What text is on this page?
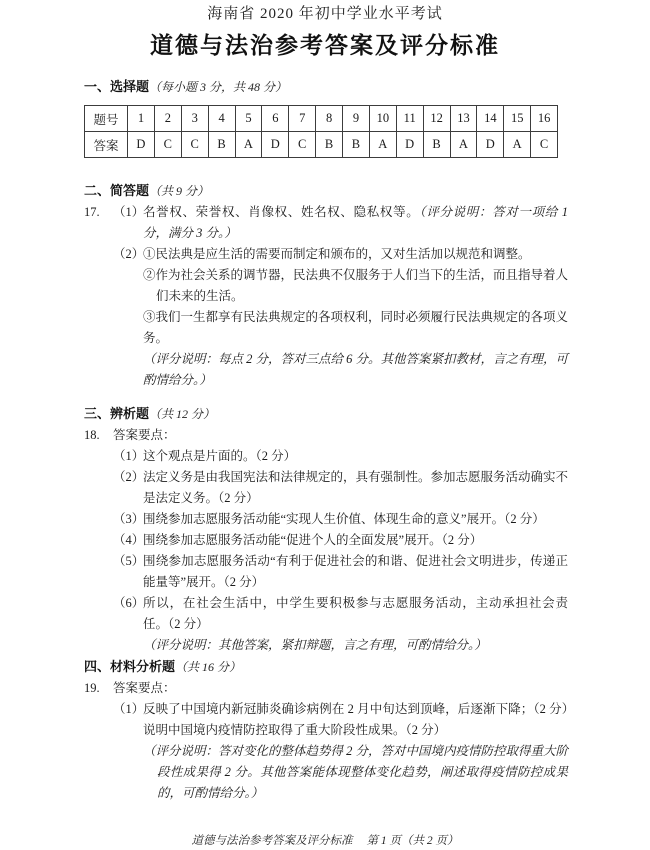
海南省 2020 年初中学业水平考试
道德与法治参考答案及评分标准
一、选择题（每小题 3 分，共 48 分）
题号	1	2	3	4	5	6	7	8	9	10	11	12	13	14	15	16
答案	D	C	C	B	A	D	C	B	B	A	D	B	A	D	A	C
二、简答题（共 9 分）
17.	（1）
名誉权、荣誉权、肖像权、姓名权、隐私权等。（评分说明：答对一项给 1 分，满分 3 分。）
（2）
①民法典是应生活的需要而制定和颁布的，又对生活加以规范和调整。
②作为社会关系的调节器，民法典不仅服务于人们当下的生活，而且指导着人们未来的生活。
③我们一生都享有民法典规定的各项权利，同时必须履行民法典规定的各项义务。
（评分说明：每点 2 分，答对三点给 6 分。其他答案紧扣教材，言之有理，可酌情给分。）
三、辨析题（共 12 分）
18.	答案要点：
（1）
这个观点是片面的。（2 分）
（2）
法定义务是由我国宪法和法律规定的，具有强制性。参加志愿服务活动确实不是法定义务。（2 分）
（3）
围绕参加志愿服务活动能“实现人生价值、体现生命的意义”展开。（2 分）
（4）
围绕参加志愿服务活动能“促进个人的全面发展”展开。（2 分）
（5）
围绕参加志愿服务活动“有利于促进社会的和谐、促进社会文明进步，传递正能量等”展开。（2 分）
（6）
所以，在社会生活中，中学生要积极参与志愿服务活动，主动承担社会责任。（2 分）
（评分说明：其他答案，紧扣辩题，言之有理，可酌情给分。）
四、材料分析题（共 16 分）
19.	答案要点：
（1）
反映了中国境内新冠肺炎确诊病例在 2 月中旬达到顶峰，后逐渐下降；（2 分）说明中国境内疫情防控取得了重大阶段性成果。（2 分）
（评分说明：答对变化的整体趋势得 2 分，答对中国境内疫情防控取得重大阶段性成果得 2 分。其他答案能体现整体变化趋势，阐述取得疫情防控成果的，可酌情给分。）
道德与法治参考答案及评分标准 第 1 页（共 2 页）
